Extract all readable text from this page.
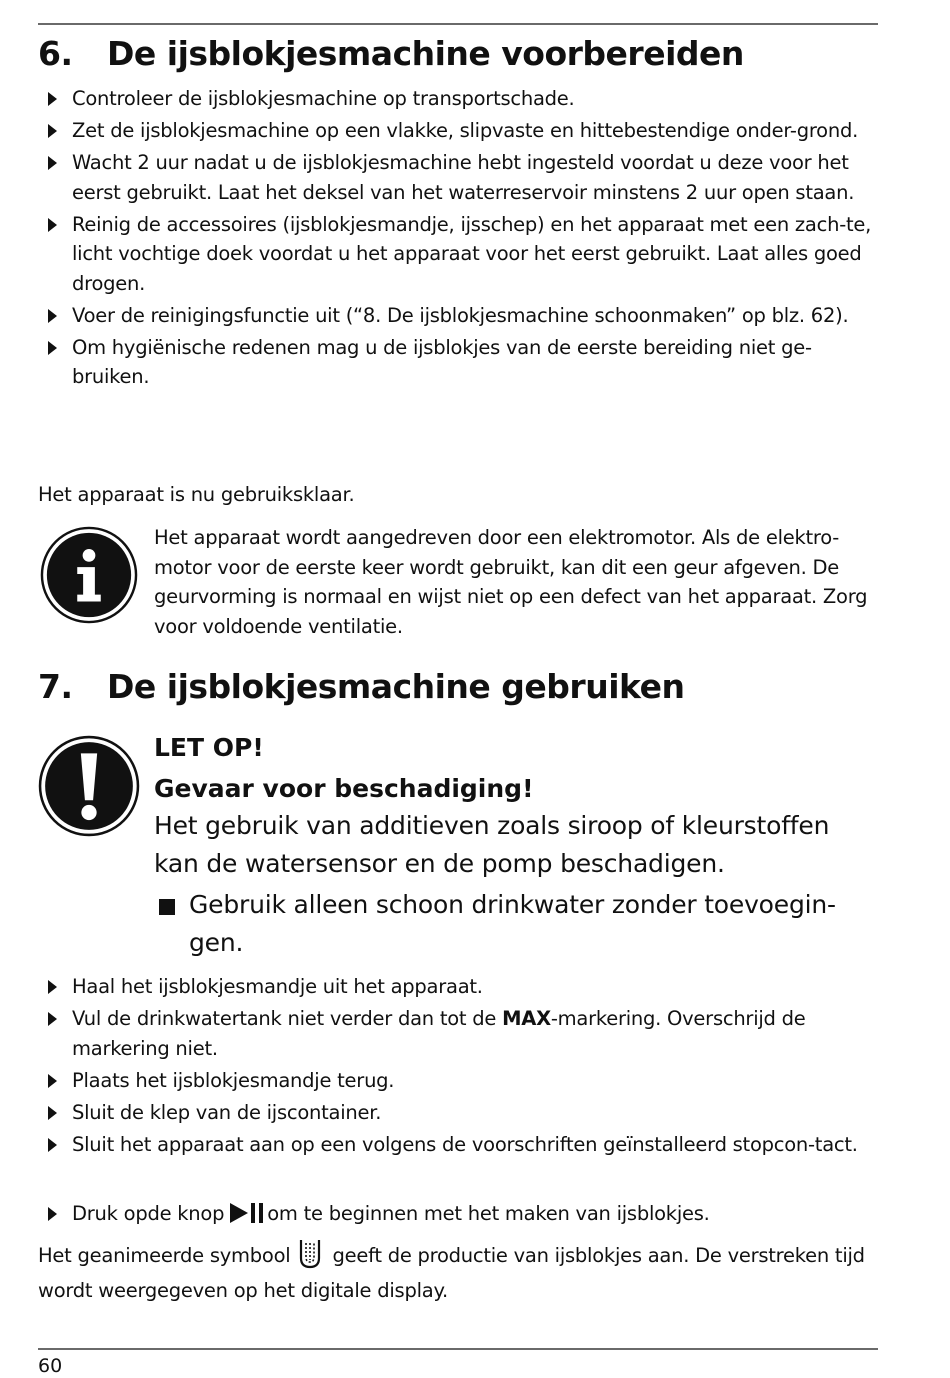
6. De ijsblokjesmachine voorbereiden
Controleer de ijsblokjesmachine op transportschade.
Zet de ijsblokjesmachine op een vlakke, slipvaste en hittebestendige onder-grond.
Wacht 2 uur nadat u de ijsblokjesmachine hebt ingesteld voordat u deze voor het eerst gebruikt. Laat het deksel van het waterreservoir minstens 2 uur open staan.
Reinig de accessoires (ijsblokjesmandje, ijsschep) en het apparaat met een zach-te, licht vochtige doek voordat u het apparaat voor het eerst gebruikt. Laat alles goed drogen.
Voer de reinigingsfunctie uit (“8. De ijsblokjesmachine schoonmaken” op blz. 62).
Om hygiënische redenen mag u de ijsblokjes van de eerste bereiding niet ge-bruiken.

Het apparaat is nu gebruiksklaar.

Het apparaat wordt aangedreven door een elektromotor. Als de elektro-motor voor de eerste keer wordt gebruikt, kan dit een geur afgeven. De geurvorming is normaal en wijst niet op een defect van het apparaat. Zorg voor voldoende ventilatie.

7. De ijsblokjesmachine gebruiken

LET OP!

Gevaar voor beschadiging!

Het gebruik van additieven zoals siroop of kleurstoffen kan de watersensor en de pomp beschadigen.

Gebruik alleen schoon drinkwater zonder toevoegin-gen.

Haal het ijsblokjesmandje uit het apparaat.
Vul de drinkwatertank niet verder dan tot de MAX-markering. Overschrijd de markering niet.
Plaats het ijsblokjesmandje terug.
Sluit de klep van de ijscontainer.
Sluit het apparaat aan op een volgens de voorschriften geïnstalleerd stopcon-tact.
Druk opde knop om te beginnen met het maken van ijsblokjes.

Het geanimeerde symbool geeft de productie van ijsblokjes aan. De verstreken tijd wordt weergegeven op het digitale display.

60
